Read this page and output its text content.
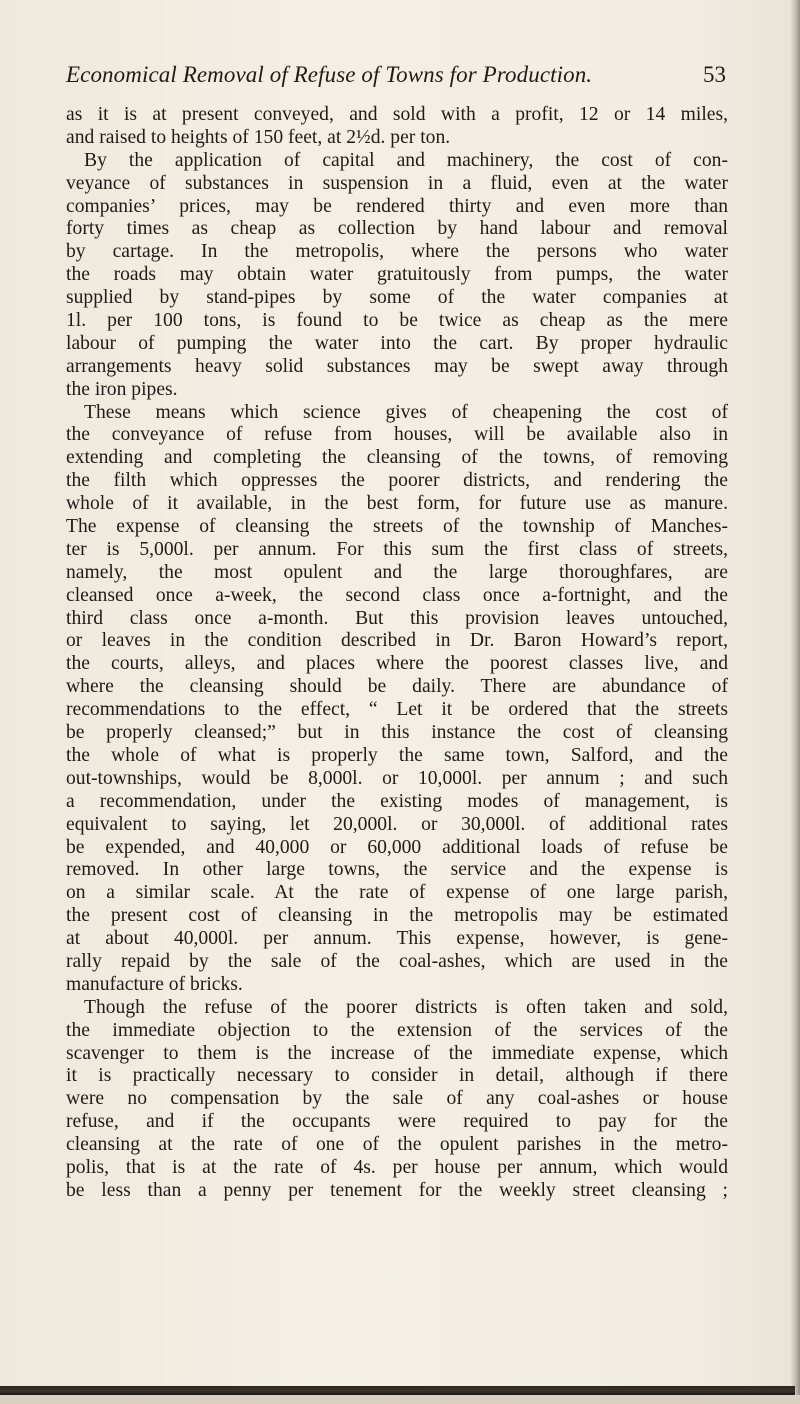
Economical Removal of Refuse of Towns for Production.	53
as it is at present conveyed, and sold with a profit, 12 or 14 miles,
and raised to heights of 150 feet, at 2½d. per ton.
By the application of capital and machinery, the cost of con-
veyance of substances in suspension in a fluid, even at the water
companies’ prices, may be rendered thirty and even more than
forty times as cheap as collection by hand labour and removal
by cartage. In the metropolis, where the persons who water
the roads may obtain water gratuitously from pumps, the water
supplied by stand-pipes by some of the water companies at
1l. per 100 tons, is found to be twice as cheap as the mere
labour of pumping the water into the cart. By proper hydraulic
arrangements heavy solid substances may be swept away through
the iron pipes.
These means which science gives of cheapening the cost of
the conveyance of refuse from houses, will be available also in
extending and completing the cleansing of the towns, of removing
the filth which oppresses the poorer districts, and rendering the
whole of it available, in the best form, for future use as manure.
The expense of cleansing the streets of the township of Manches-
ter is 5,000l. per annum. For this sum the first class of streets,
namely, the most opulent and the large thoroughfares, are
cleansed once a-week, the second class once a-fortnight, and the
third class once a-month. But this provision leaves untouched,
or leaves in the condition described in Dr. Baron Howard’s report,
the courts, alleys, and places where the poorest classes live, and
where the cleansing should be daily. There are abundance of
recommendations to the effect, “ Let it be ordered that the streets
be properly cleansed;” but in this instance the cost of cleansing
the whole of what is properly the same town, Salford, and the
out-townships, would be 8,000l. or 10,000l. per annum ; and such
a recommendation, under the existing modes of management, is
equivalent to saying, let 20,000l. or 30,000l. of additional rates
be expended, and 40,000 or 60,000 additional loads of refuse be
removed. In other large towns, the service and the expense is
on a similar scale. At the rate of expense of one large parish,
the present cost of cleansing in the metropolis may be estimated
at about 40,000l. per annum. This expense, however, is gene-
rally repaid by the sale of the coal-ashes, which are used in the
manufacture of bricks.
Though the refuse of the poorer districts is often taken and sold,
the immediate objection to the extension of the services of the
scavenger to them is the increase of the immediate expense, which
it is practically necessary to consider in detail, although if there
were no compensation by the sale of any coal-ashes or house
refuse, and if the occupants were required to pay for the
cleansing at the rate of one of the opulent parishes in the metro-
polis, that is at the rate of 4s. per house per annum, which would
be less than a penny per tenement for the weekly street cleansing ;
